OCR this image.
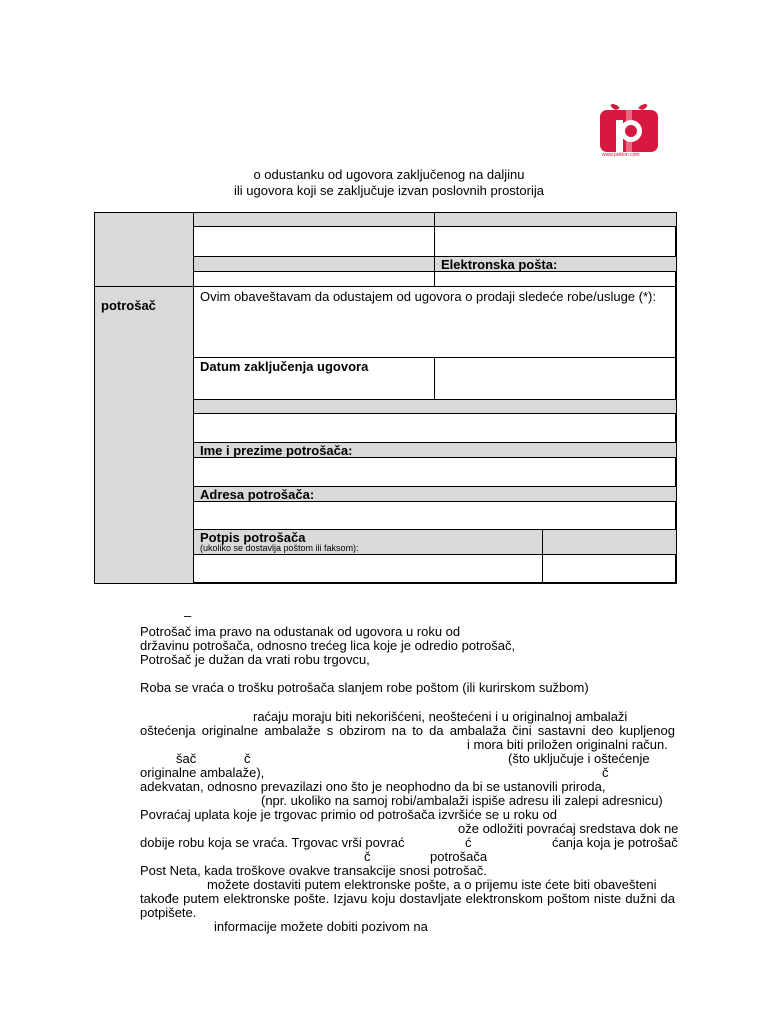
www.poklon.com
o odustanku od ugovora zaključenog na daljinu
ili ugovora koji se zaključuje izvan poslovnih prostorija
potrošač
Elektronska pošta:
Ovim obaveštavam da odustajem od ugovora o prodaji sledeće robe/usluge (*):
Datum zaključenja ugovora
Ime i prezime potrošača:
Adresa potrošača:
Potpis potrošača
(ukoliko se dostavlja poštom ili faksom):
–
Potrošač ima pravo na odustanak od ugovora u roku od
državinu potrošača, odnosno trećeg lica koje je odredio potrošač,
Potrošač je dužan da vrati robu trgovcu,
Roba se vraća o trošku potrošača slanjem robe poštom (ili kurirskom sužbom)
raćaju moraju biti nekorišćeni, neoštećeni i u originalnoj ambalaži
oštećenja originalne ambalaže s obzirom na to da ambalaža čini sastavni deo kupljenog
i mora biti priložen originalni račun.
šač	č	(što uključuje i oštećenje
originalne ambalaže),	č
adekvatan, odnosno prevazilazi ono što je neophodno da bi se ustanovili priroda,
(npr. ukoliko na samoj robi/ambalaži ispiše adresu ili zalepi adresnicu)
Povraćaj uplata koje je trgovac primio od potrošača izvršiće se u roku od
ože odložiti povraćaj sredstava dok ne
dobije robu koja se vraća. Trgovac vrši povrać	ć	ćanja koja je potrošač
č	potrošača
Post Neta, kada troškove ovakve transakcije snosi potrošač.
možete dostaviti putem elektronske pošte, a o prijemu iste ćete biti obavešteni
takođe putem elektronske pošte. Izjavu koju dostavljate elektronskom poštom niste dužni da
potpišete.
informacije možete dobiti pozivom na
